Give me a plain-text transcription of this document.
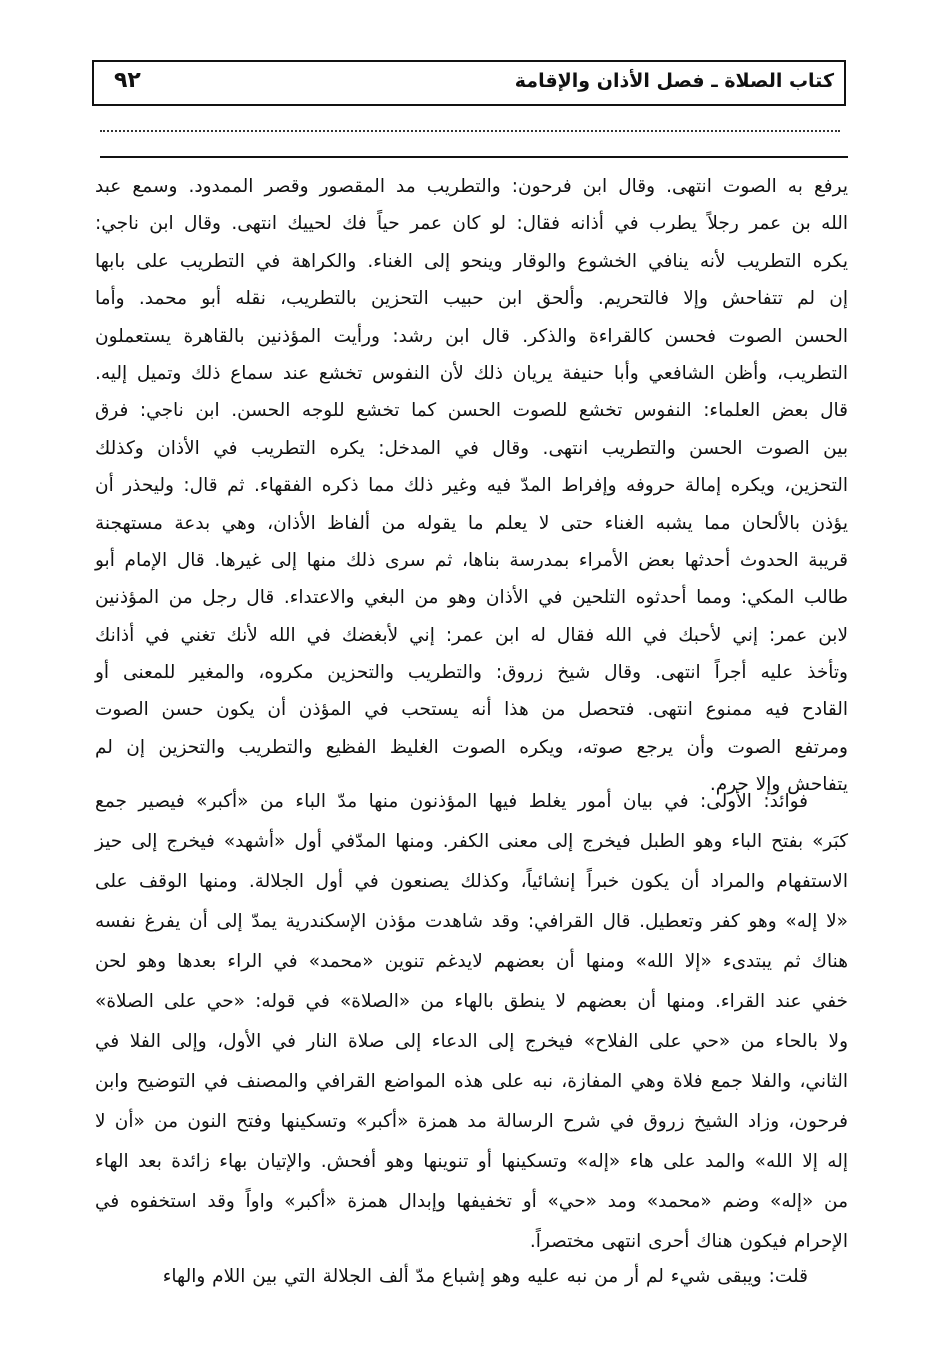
كتاب الصلاة ـ فصل الأذان والإقامة
٩٢
يرفع به الصوت انتهى. وقال ابن فرحون: والتطريب مد المقصور وقصر الممدود. وسمع عبد
الله بن عمر رجلاً يطرب في أذانه فقال: لو كان عمر حياً فك لحييك انتهى. وقال ابن ناجي:
يكره التطريب لأنه ينافي الخشوع والوقار وينحو إلى الغناء. والكراهة في التطريب على بابها
إن لم تتفاحش وإلا فالتحريم. وألحق ابن حبيب التحزين بالتطريب، نقله أبو محمد. وأما
الحسن الصوت فحسن كالقراءة والذكر. قال ابن رشد: ورأيت المؤذنين بالقاهرة يستعملون
التطريب، وأظن الشافعي وأبا حنيفة يريان ذلك لأن النفوس تخشع عند سماع ذلك وتميل إليه.
قال بعض العلماء: النفوس تخشع للصوت الحسن كما تخشع للوجه الحسن. ابن ناجي: فرق
بين الصوت الحسن والتطريب انتهى. وقال في المدخل: يكره التطريب في الأذان وكذلك
التحزين، ويكره إمالة حروفه وإفراط المدّ فيه وغير ذلك مما ذكره الفقهاء. ثم قال: وليحذر أن
يؤذن بالألحان مما يشبه الغناء حتى لا يعلم ما يقوله من ألفاظ الأذان، وهي بدعة مستهجنة
قريبة الحدوث أحدثها بعض الأمراء بمدرسة بناها، ثم سرى ذلك منها إلى غيرها. قال الإمام أبو
طالب المكي: ومما أحدثوه التلحين في الأذان وهو من البغي والاعتداء. قال رجل من المؤذنين
لابن عمر: إني لأحبك في الله فقال له ابن عمر: إني لأبغضك في الله لأنك تغني في أذانك
وتأخذ عليه أجراً انتهى. وقال شيخ زروق: والتطريب والتحزين مكروه، والمغير للمعنى أو
القادح فيه ممنوع انتهى. فتحصل من هذا أنه يستحب في المؤذن أن يكون حسن الصوت
ومرتفع الصوت وأن يرجع صوته، ويكره الصوت الغليظ الفظيع والتطريب والتحزين إن لم
يتفاحش وإلا حرم.
فوائد: الأولى: في بيان أمور يغلط فيها المؤذنون منها مدّ الباء من «أكبر» فيصير جمع
كبَر» بفتح الباء وهو الطبل فيخرج إلى معنى الكفر. ومنها المدّفي أول «أشهد» فيخرج إلى حيز
الاستفهام والمراد أن يكون خبراً إنشائياً، وكذلك يصنعون في أول الجلالة. ومنها الوقف على
«لا إله» وهو كفر وتعطيل. قال القرافي: وقد شاهدت مؤذن الإسكندرية يمدّ إلى أن يفرغ نفسه
هناك ثم يبتدىء «إلا الله» ومنها أن بعضهم لايدغم تنوين «محمد» في الراء بعدها وهو لحن
خفي عند القراء. ومنها أن بعضهم لا ينطق بالهاء من «الصلاة» في قوله: «حي على الصلاة»
ولا بالحاء من «حي على الفلاح» فيخرج إلى الدعاء إلى صلاة النار في الأول، وإلى الفلا في
الثاني، والفلا جمع فلاة وهي المفازة، نبه على هذه المواضع القرافي والمصنف في التوضيح وابن
فرحون، وزاد الشيخ زروق في شرح الرسالة مد همزة «أكبر» وتسكينها وفتح النون من «أن لا
إله إلا الله» والمد على هاء «إله» وتسكينها أو تنوينها وهو أفحش. والإتيان بهاء زائدة بعد الهاء
من «إله» وضم «محمد» ومد «حي» أو تخفيفها وإبدال همزة «أكبر» واواً وقد استخفوه في
الإحرام فيكون هناك أحرى انتهى مختصراً.
قلت: ويبقى شيء لم أر من نبه عليه وهو إشباع مدّ ألف الجلالة التي بين اللام والهاء
